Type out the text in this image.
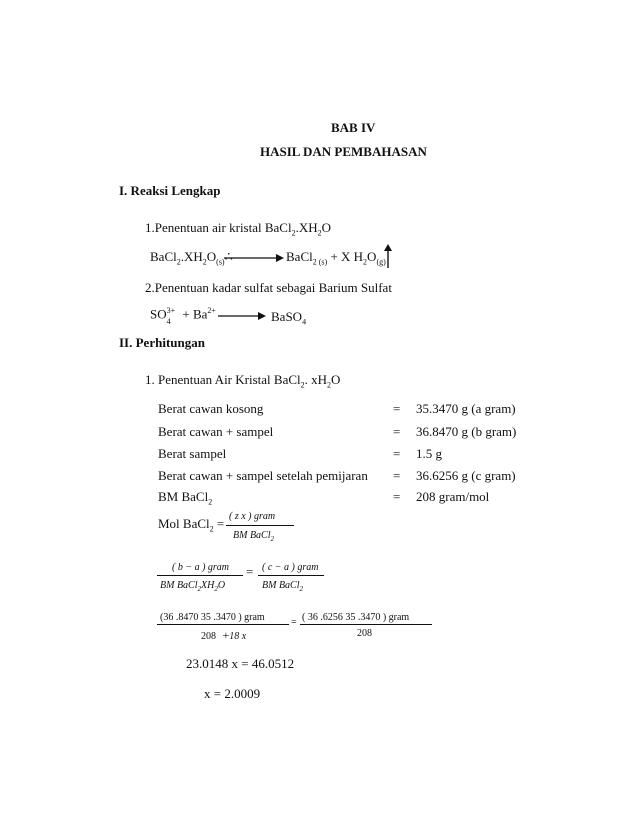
BAB IV
HASIL DAN PEMBAHASAN
I. Reaksi Lengkap
1.Penentuan air kristal $BaCl_2.XH_2O$
$BaCl_2.XH_2O_{(s)}\therefore$ → BaCl$_{2 (s)}$ + X $H_2O_{(g)}$
2.Penentuan kadar sulfat sebagai Barium Sulfat
$SO_4^{3+} + Ba^{2+}$ → BaSO$_4$
II. Perhitungan
1. Penentuan Air Kristal BaCl$_2$. $xH_2O$
Berat cawan kosong	= 35.3470 g (a gram)
Berat cawan + sampel	= 36.8470 g (b gram)
Berat sampel	= 1.5 g
Berat cawan + sampel setelah pemijaran = 36.6256 g (c gram)
BM BaCl$_2$	= 208 gram/mol
Mol BaCl$_2$ = ( z x ) gram
BM BaCl$_2$
( b − a ) gram
BM $BaCl_2XH_2O$
= ( c − a ) gram
BM BaCl$_2$
(36 .8470 35 .3470 ) gram
208 +18 x
= ( 36 .6256 35 .3470 ) gram
208
23.0148 x = 46.0512
x = 2.0009
